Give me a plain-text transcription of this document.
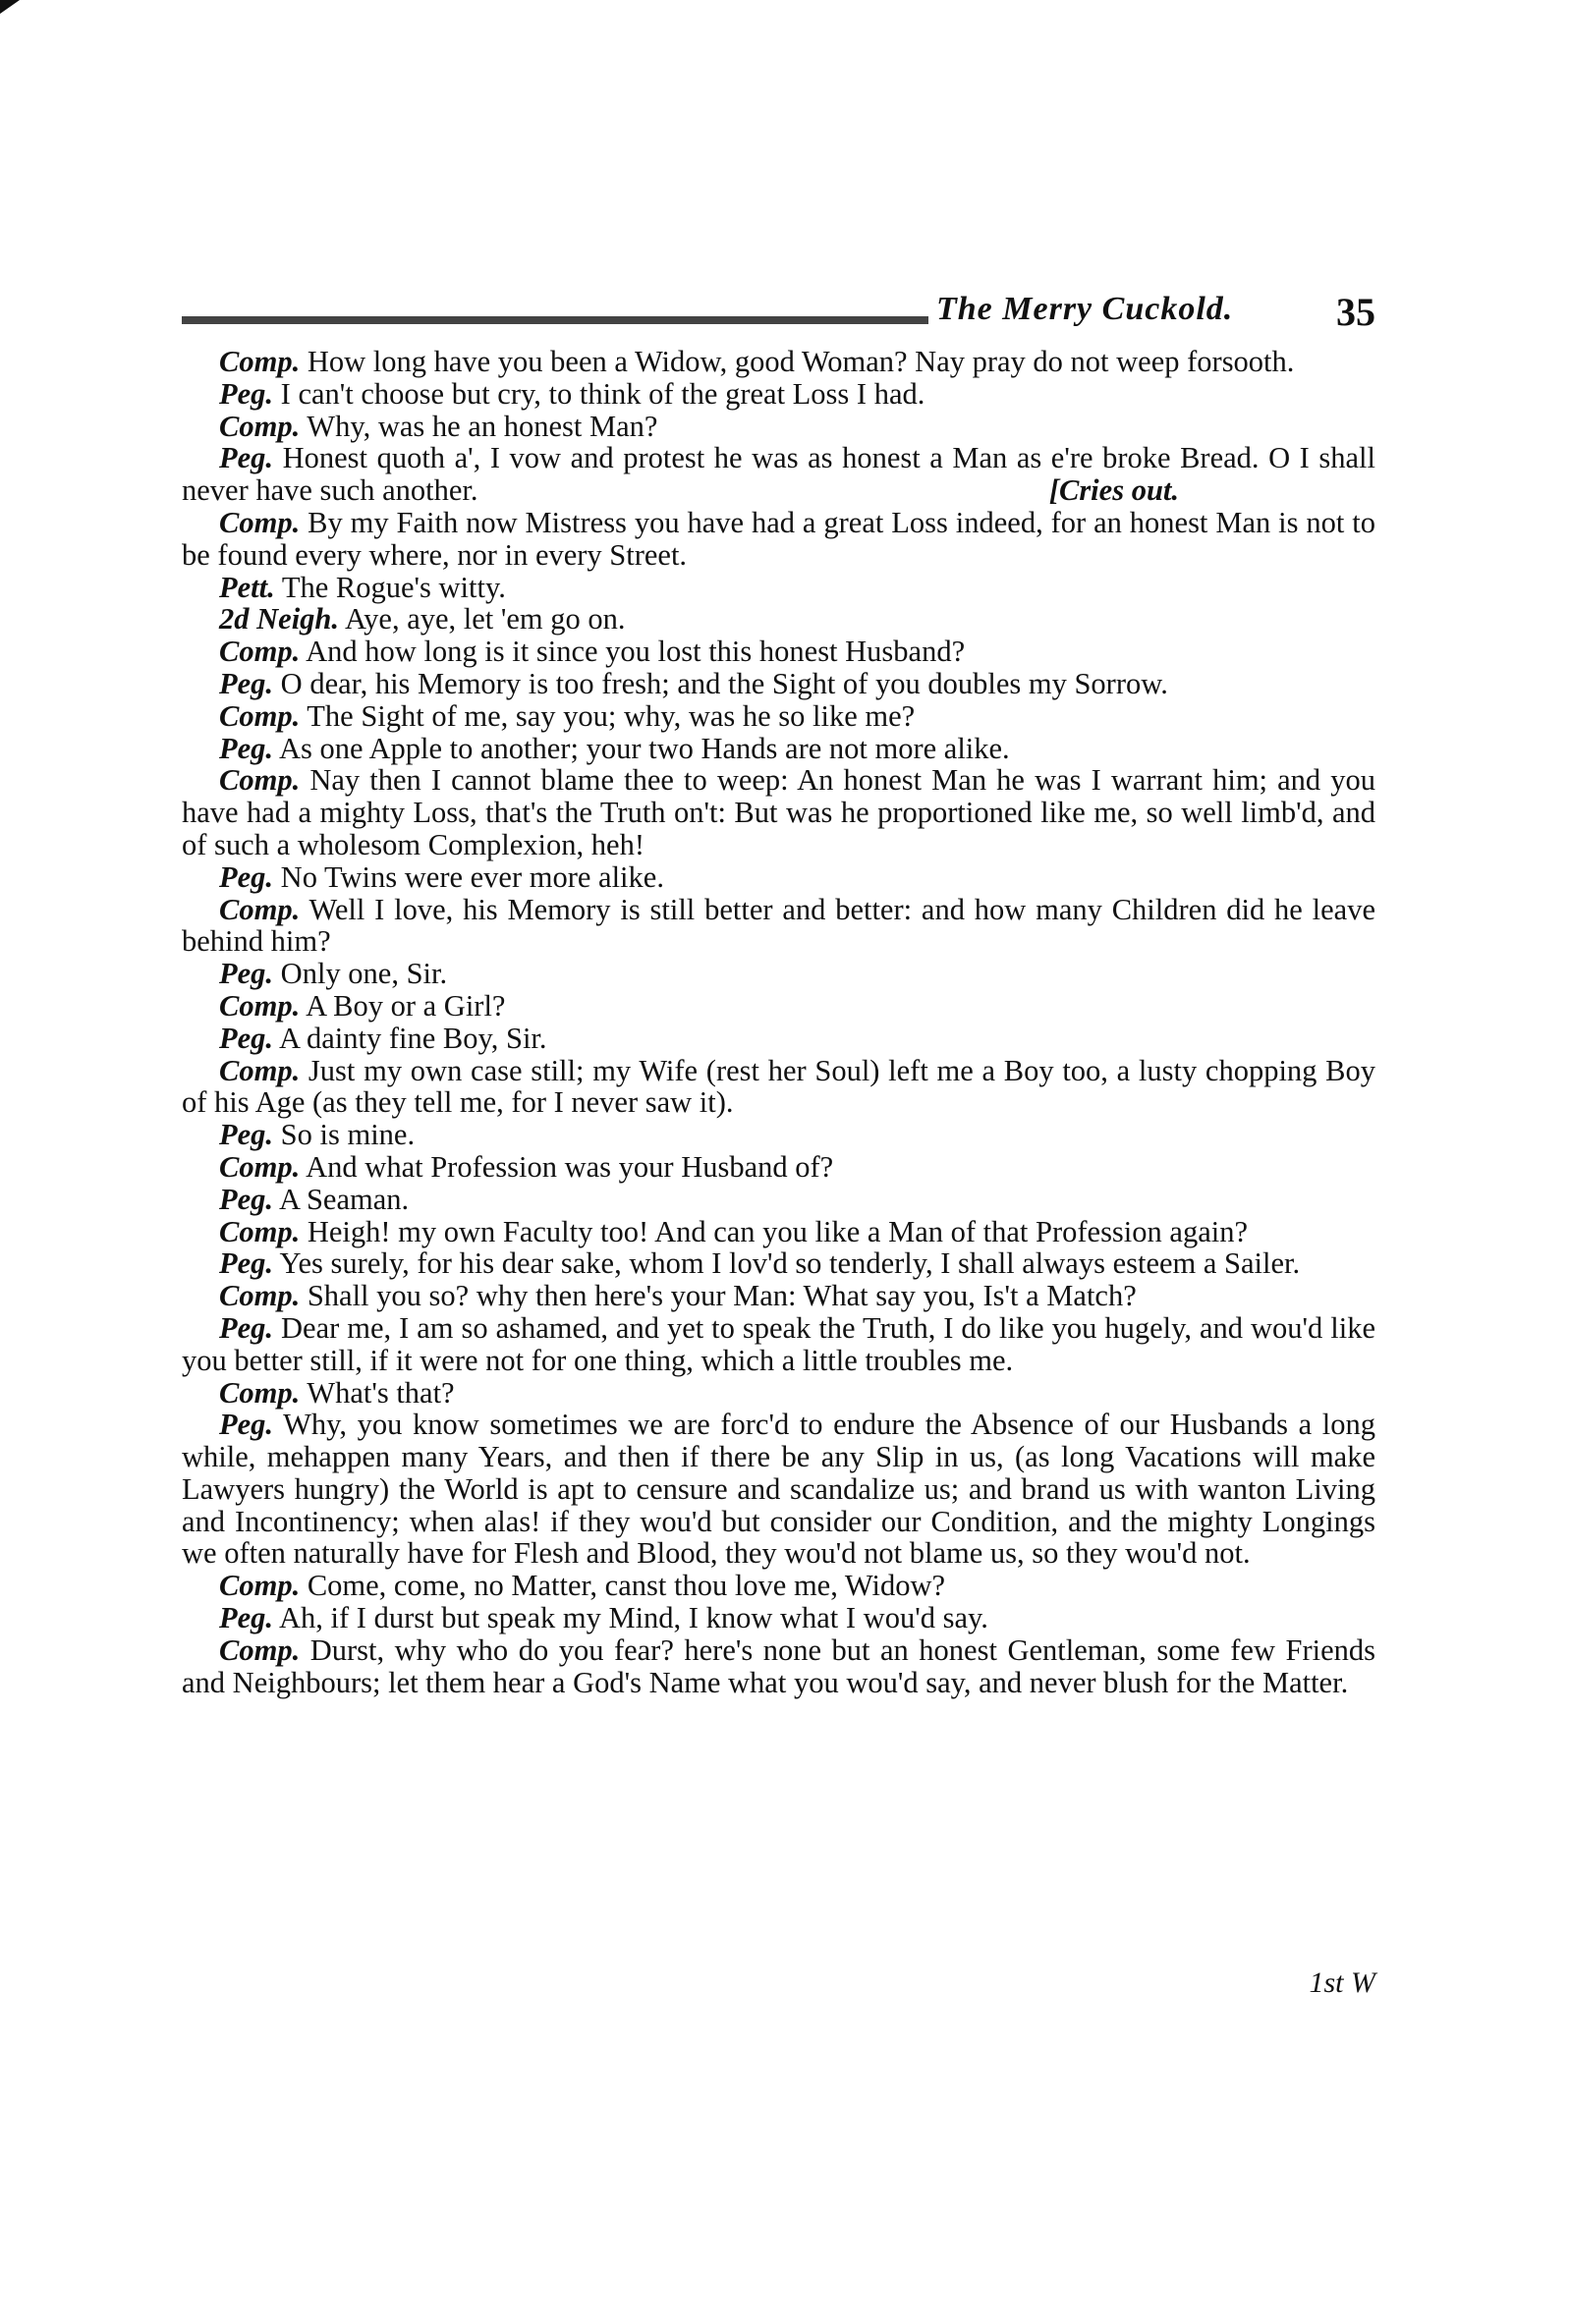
The Merry Cuckold.	35

Comp. How long have you been a Widow, good Woman? Nay pray do not weep forsooth.

Peg. I can't choose but cry, to think of the great Loss I had.

Comp. Why, was he an honest Man?

Peg. Honest quoth a', I vow and protest he was as honest a Man as e're broke Bread. O I shall never have such another.	[Cries out.

Comp. By my Faith now Mistress you have had a great Loss indeed, for an honest Man is not to be found every where, nor in every Street.

Pett. The Rogue's witty.

2d Neigh. Aye, aye, let 'em go on.

Comp. And how long is it since you lost this honest Husband?

Peg. O dear, his Memory is too fresh; and the Sight of you doubles my Sorrow.

Comp. The Sight of me, say you; why, was he so like me?

Peg. As one Apple to another; your two Hands are not more alike.

Comp. Nay then I cannot blame thee to weep: An honest Man he was I warrant him; and you have had a mighty Loss, that's the Truth on't: But was he proportioned like me, so well limb'd, and of such a wholesom Complexion, heh!

Peg. No Twins were ever more alike.

Comp. Well I love, his Memory is still better and better: and how many Children did he leave behind him?

Peg. Only one, Sir.

Comp. A Boy or a Girl?

Peg. A dainty fine Boy, Sir.

Comp. Just my own case still; my Wife (rest her Soul) left me a Boy too, a lusty chopping Boy of his Age (as they tell me, for I never saw it).

Peg. So is mine.

Comp. And what Profession was your Husband of?

Peg. A Seaman.

Comp. Heigh! my own Faculty too! And can you like a Man of that Profession again?

Peg. Yes surely, for his dear sake, whom I lov'd so tenderly, I shall always esteem a Sailer.

Comp. Shall you so? why then here's your Man: What say you, Is't a Match?

Peg. Dear me, I am so ashamed, and yet to speak the Truth, I do like you hugely, and wou'd like you better still, if it were not for one thing, which a little troubles me.

Comp. What's that?

Peg. Why, you know sometimes we are forc'd to endure the Absence of our Husbands a long while, mehappen many Years, and then if there be any Slip in us, (as long Vacations will make Lawyers hungry) the World is apt to censure and scandalize us; and brand us with wanton Living and Incontinency; when alas! if they wou'd but consider our Condition, and the mighty Longings we often naturally have for Flesh and Blood, they wou'd not blame us, so they wou'd not.

Comp. Come, come, no Matter, canst thou love me, Widow?

Peg. Ah, if I durst but speak my Mind, I know what I wou'd say.

Comp. Durst, why who do you fear? here's none but an honest Gentleman, some few Friends and Neighbours; let them hear a God's Name what you wou'd say, and never blush for the Matter.

1st W
